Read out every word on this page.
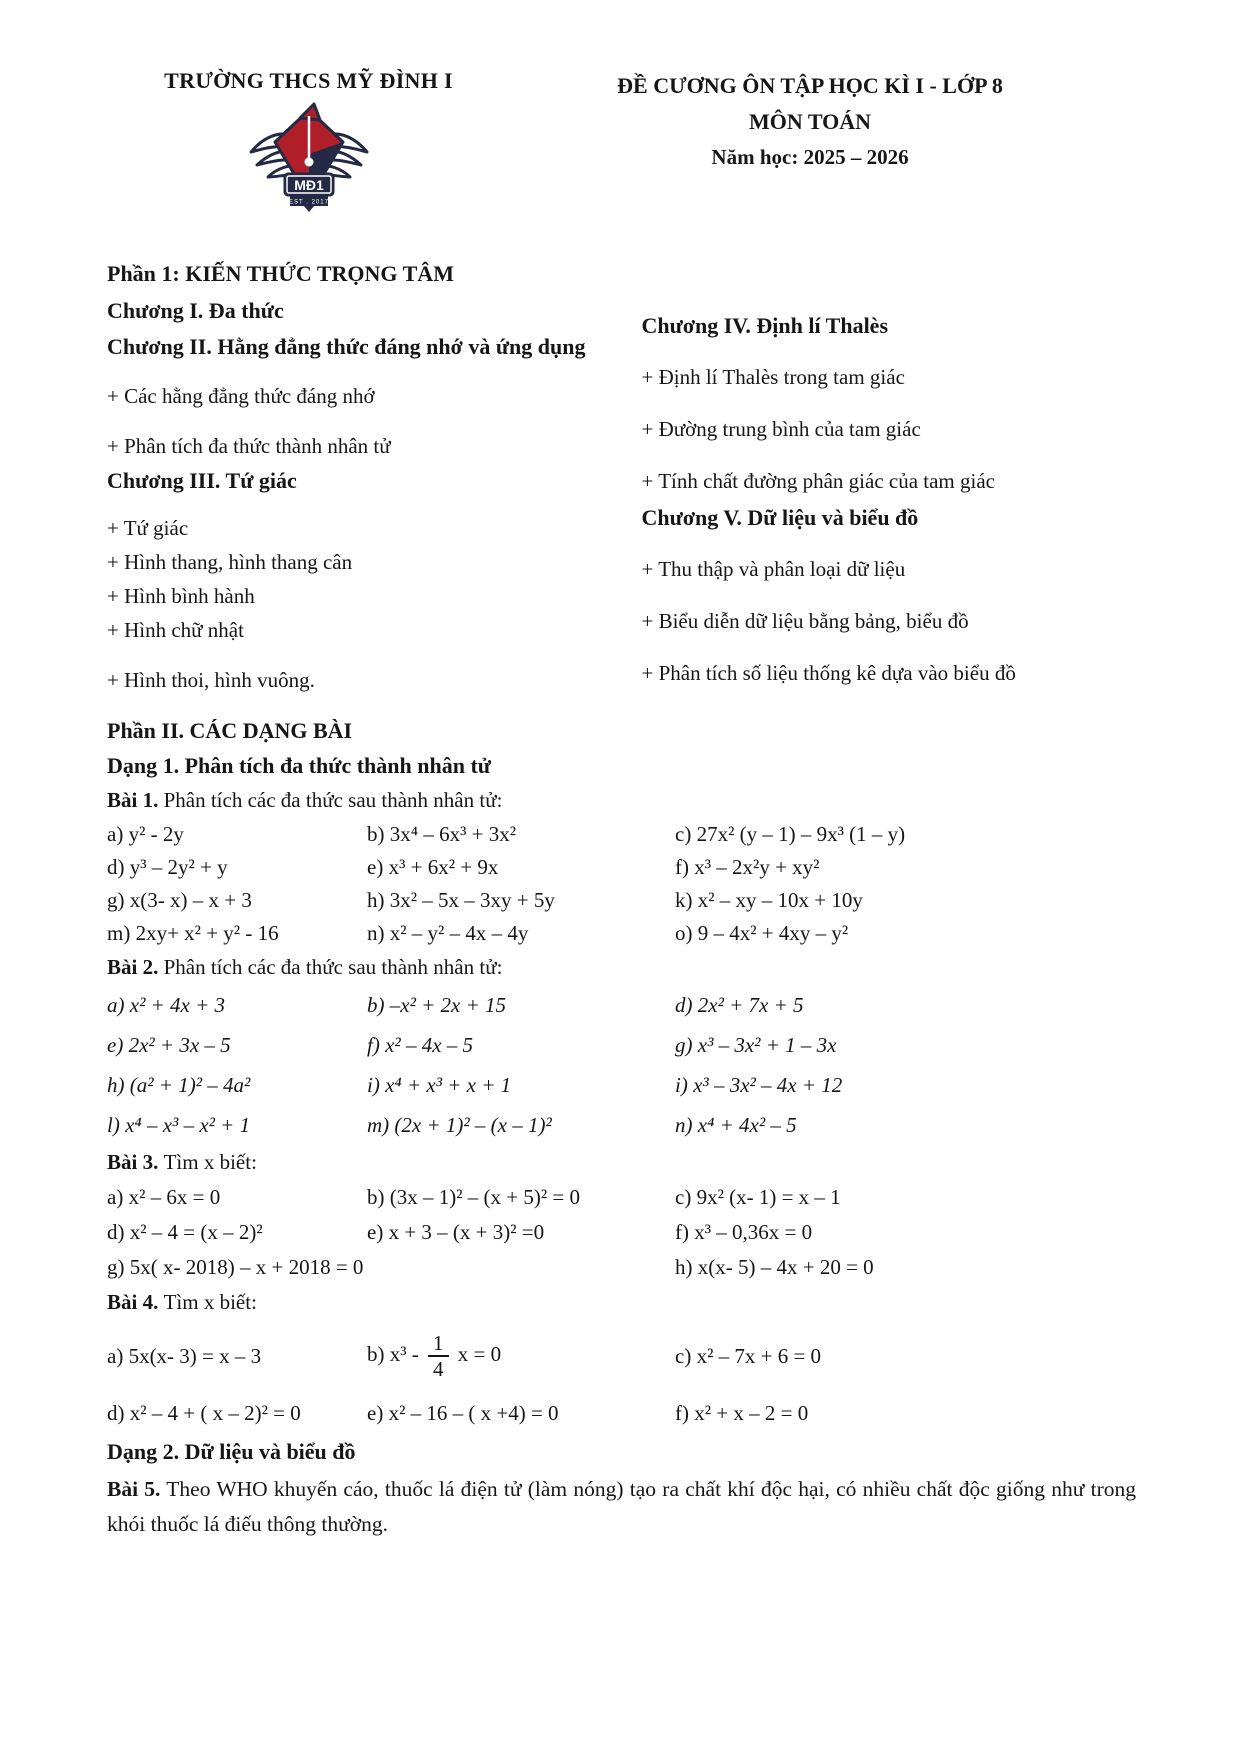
TRƯỜNG THCS MỸ ĐÌNH I
MĐ1
EST . 2017
ĐỀ CƯƠNG ÔN TẬP HỌC KÌ I - LỚP 8
MÔN TOÁN
Năm học: 2025 – 2026
Phần 1: KIẾN THỨC TRỌNG TÂM
Chương I. Đa thức
Chương II. Hằng đẳng thức đáng nhớ và ứng dụng
+ Các hằng đẳng thức đáng nhớ
+ Phân tích đa thức thành nhân tử
Chương III. Tứ giác
+ Tứ giác
+ Hình thang, hình thang cân
+ Hình bình hành
+ Hình chữ nhật
+ Hình thoi, hình vuông.
Chương IV. Định lí Thalès
+ Định lí Thalès trong tam giác
+ Đường trung bình của tam giác
+ Tính chất đường phân giác của tam giác
Chương V. Dữ liệu và biểu đồ
+ Thu thập và phân loại dữ liệu
+ Biểu diễn dữ liệu bằng bảng, biểu đồ
+ Phân tích số liệu thống kê dựa vào biểu đồ
Phần II. CÁC DẠNG BÀI
Dạng 1. Phân tích đa thức thành nhân tử
Bài 1. Phân tích các đa thức sau thành nhân tử:
a) y² - 2y	b) 3x⁴ – 6x³ + 3x²	c) 27x² (y – 1) – 9x³ (1 – y)
d) y³ – 2y² + y	e) x³ + 6x² + 9x	f) x³ – 2x²y + xy²
g) x(3- x) – x + 3	h) 3x² – 5x – 3xy + 5y	k) x² – xy – 10x + 10y
m) 2xy+ x² + y² - 16	n) x² – y² – 4x – 4y	o) 9 – 4x² + 4xy – y²
Bài 2. Phân tích các đa thức sau thành nhân tử:
a) x² + 4x + 3	b) –x² + 2x + 15	d) 2x² + 7x + 5
e) 2x² + 3x – 5	f) x² – 4x – 5	g) x³ – 3x² + 1 – 3x
h) (a² + 1)² – 4a²	i) x⁴ + x³ + x + 1	i) x³ – 3x² – 4x + 12
l) x⁴ – x³ – x² + 1	m) (2x + 1)² – (x – 1)²	n) x⁴ + 4x² – 5
Bài 3. Tìm x biết:
a) x² – 6x = 0	b) (3x – 1)² – (x + 5)² = 0	c) 9x² (x- 1) = x – 1
d) x² – 4 = (x – 2)²	e) x + 3 – (x + 3)² =0	f) x³ – 0,36x = 0
g) 5x( x- 2018) – x + 2018 = 0	h) x(x- 5) – 4x + 20 = 0
Bài 4. Tìm x biết:
a) 5x(x- 3) = x – 3	b) $x^3 - \frac{1}{4}$ x = 0	c) x² – 7x + 6 = 0
d) x² – 4 + ( x – 2)² = 0	e) x² – 16 – ( x +4) = 0	f) x² + x – 2 = 0
Dạng 2. Dữ liệu và biểu đồ

Bài 5. Theo WHO khuyến cáo, thuốc lá điện tử (làm nóng) tạo ra chất khí độc hại, có nhiều chất độc giống như trong khói thuốc lá điếu thông thường.
